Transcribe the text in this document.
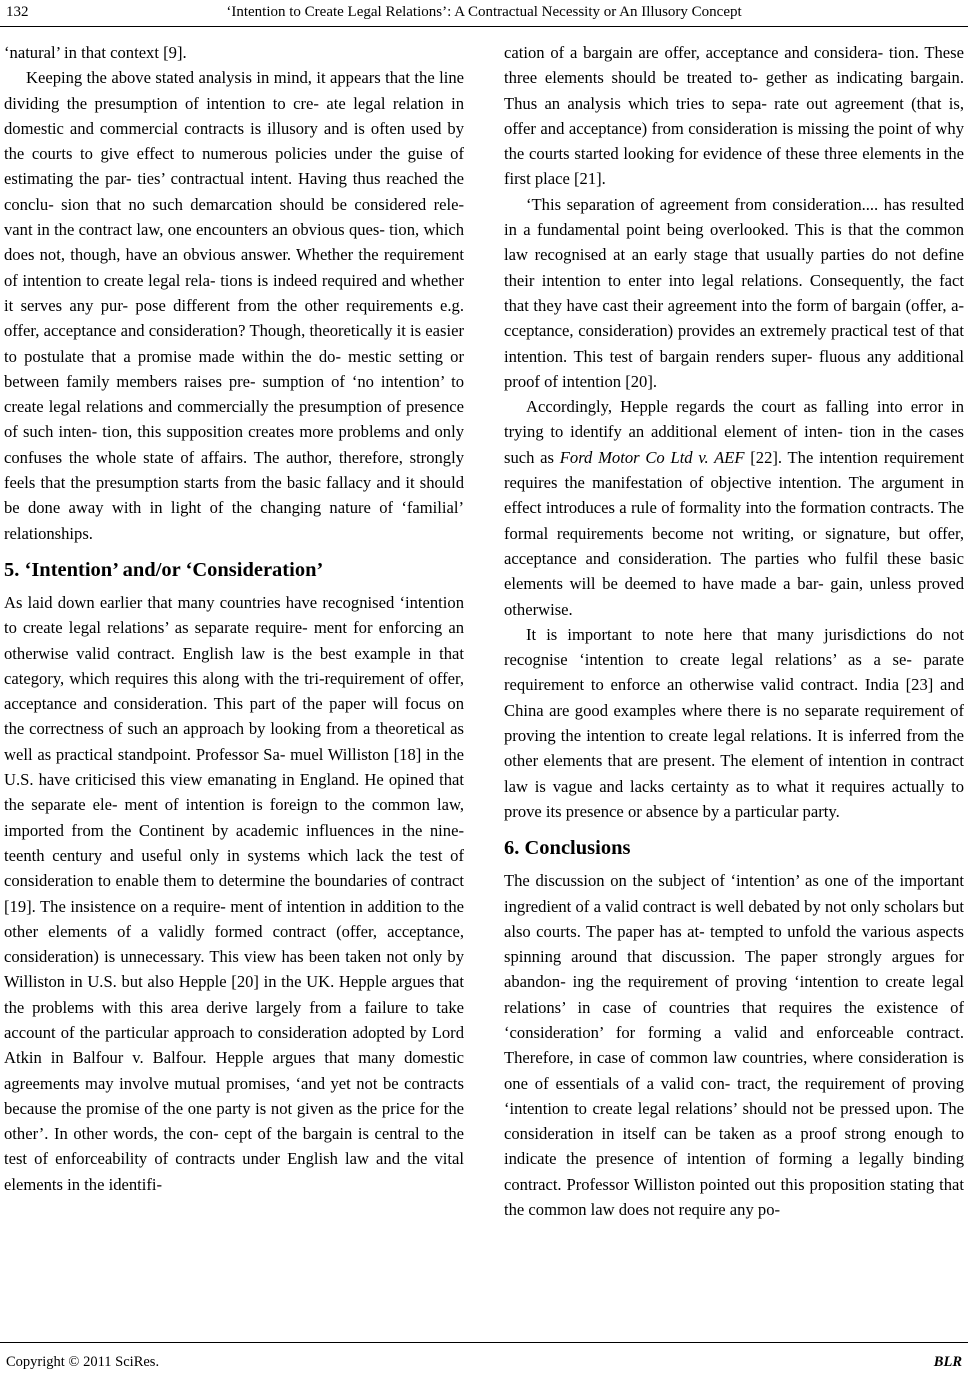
132	‘Intention to Create Legal Relations’: A Contractual Necessity or An Illusory Concept

‘natural’ in that context [9].

Keeping the above stated analysis in mind, it appears that the line dividing the presumption of intention to cre- ate legal relation in domestic and commercial contracts is illusory and is often used by the courts to give effect to numerous policies under the guise of estimating the par- ties’ contractual intent. Having thus reached the conclu- sion that no such demarcation should be considered rele- vant in the contract law, one encounters an obvious ques- tion, which does not, though, have an obvious answer. Whether the requirement of intention to create legal rela- tions is indeed required and whether it serves any pur- pose different from the other requirements e.g. offer, acceptance and consideration? Though, theoretically it is easier to postulate that a promise made within the do- mestic setting or between family members raises pre- sumption of ‘no intention’ to create legal relations and commercially the presumption of presence of such inten- tion, this supposition creates more problems and only confuses the whole state of affairs. The author, therefore, strongly feels that the presumption starts from the basic fallacy and it should be done away with in light of the changing nature of ‘familial’ relationships.

5. ‘Intention’ and/or ‘Consideration’

As laid down earlier that many countries have recognised ‘intention to create legal relations’ as separate require- ment for enforcing an otherwise valid contract. English law is the best example in that category, which requires this along with the tri-requirement of offer, acceptance and consideration. This part of the paper will focus on the correctness of such an approach by looking from a theoretical as well as practical standpoint. Professor Sa- muel Williston [18] in the U.S. have criticised this view emanating in England. He opined that the separate ele- ment of intention is foreign to the common law, imported from the Continent by academic influences in the nine- teenth century and useful only in systems which lack the test of consideration to enable them to determine the boundaries of contract [19]. The insistence on a require- ment of intention in addition to the other elements of a validly formed contract (offer, acceptance, consideration) is unnecessary. This view has been taken not only by Williston in U.S. but also Hepple [20] in the UK. Hepple argues that the problems with this area derive largely from a failure to take account of the particular approach to consideration adopted by Lord Atkin in Balfour v. Balfour. Hepple argues that many domestic agreements may involve mutual promises, ‘and yet not be contracts because the promise of the one party is not given as the price for the other’. In other words, the con- cept of the bargain is central to the test of enforceability of contracts under English law and the vital elements in the identifi-

cation of a bargain are offer, acceptance and considera- tion. These three elements should be treated to- gether as indicating bargain. Thus an analysis which tries to sepa- rate out agreement (that is, offer and acceptance) from consideration is missing the point of why the courts started looking for evidence of these three elements in the first place [21].

‘This separation of agreement from consideration.... has resulted in a fundamental point being overlooked. This is that the common law recognised at an early stage that usually parties do not define their intention to enter into legal relations. Consequently, the fact that they have cast their agreement into the form of bargain (offer, a- cceptance, consideration) provides an extremely practical test of that intention. This test of bargain renders super- fluous any additional proof of intention [20].

Accordingly, Hepple regards the court as falling into error in trying to identify an additional element of inten- tion in the cases such as Ford Motor Co Ltd v. AEF [22]. The intention requirement requires the manifestation of objective intention. The argument in effect introduces a rule of formality into the formation contracts. The formal requirements become not writing, or signature, but offer, acceptance and consideration. The parties who fulfil these basic elements will be deemed to have made a bar- gain, unless proved otherwise.

It is important to note here that many jurisdictions do not recognise ‘intention to create legal relations’ as a se- parate requirement to enforce an otherwise valid contract. India [23] and China are good examples where there is no separate requirement of proving the intention to create legal relations. It is inferred from the other elements that are present. The element of intention in contract law is vague and lacks certainty as to what it requires actually to prove its presence or absence by a particular party.

6. Conclusions

The discussion on the subject of ‘intention’ as one of the important ingredient of a valid contract is well debated by not only scholars but also courts. The paper has at- tempted to unfold the various aspects spinning around that discussion. The paper strongly argues for abandon- ing the requirement of proving ‘intention to create legal relations’ in case of countries that requires the existence of ‘consideration’ for forming a valid and enforceable contract. Therefore, in case of common law countries, where consideration is one of essentials of a valid con- tract, the requirement of proving ‘intention to create legal relations’ should not be pressed upon. The consideration in itself can be taken as a proof strong enough to indicate the presence of intention of forming a legally binding contract. Professor Williston pointed out this proposition stating that the common law does not require any po-

Copyright © 2011 SciRes.	BLR
